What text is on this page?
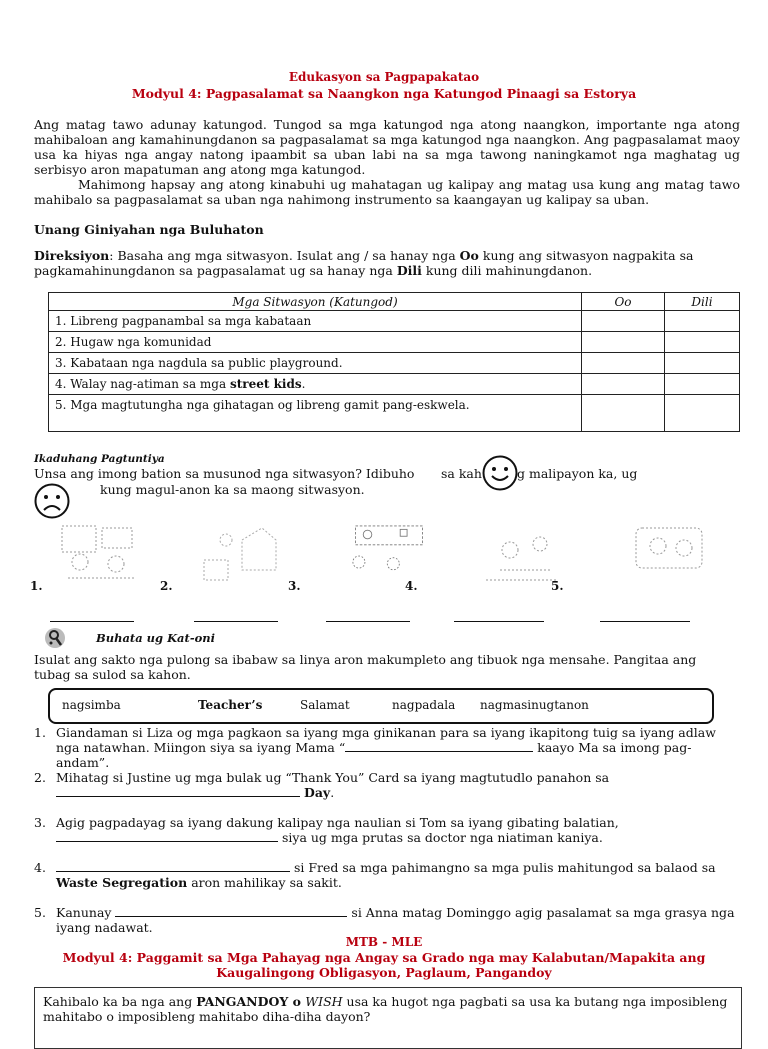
Edukasyon sa Pagpapakatao
Modyul 4: Pagpasalamat sa Naangkon nga Katungod Pinaagi sa Estorya

Ang matag tawo adunay katungod. Tungod sa mga katungod nga atong naangkon, importante nga atong mahibaloan ang kamahinungdanon sa pagpasalamat sa mga katungod nga naangkon. Ang pagpasalamat maoy usa ka hiyas nga angay natong ipaambit sa uban labi na sa mga tawong naningkamot nga maghatag ug serbisyo aron mapatuman ang atong mga katungod.

Mahimong hapsay ang atong kinabuhi ug mahatagan ug kalipay ang matag usa kung ang matag tawo mahibalo sa pagpasalamat sa uban nga nahimong instrumento sa kaangayan ug kalipay sa uban.

Unang Giniyahan nga Buluhaton
Direksiyon: Basaha ang mga sitwasyon. Isulat ang / sa hanay nga Oo kung ang sitwasyon nagpakita sa pagkamahinungdanon sa pagpasalamat ug sa hanay nga Dili kung dili mahinungdanon.
Mga Sitwasyon (Katungod)	Oo	Dili
1. Libreng pagpanambal sa mga kabataan		
2. Hugaw nga komunidad		
3. Kabataan nga nagdula sa public playground.		
4. Walay nag-atiman sa mga street kids.		
5. Mga magtutungha nga gihatagan og libreng gamit pang-eskwela.		
Ikaduhang Pagtuntiya
Unsa ang imong bation sa musunod nga sitwasyon? Idibuho sa kah	g malipayon ka, ug
kung magul-anon ka sa maong sitwasyon.
1.	2.	3.	4.	5.
Buhata ug Kat-oni
Isulat ang sakto nga pulong sa ibabaw sa linya aron makumpleto ang tibuok nga mensahe. Pangitaa ang tubag sa sulod sa kahon.
nagsimba	Teacher’s	Salamat	nagpadala nagmasinugtanon
1. Giandaman si Liza og mga pagkaon sa iyang mga ginikanan para sa iyang ikapitong tuig sa iyang adlaw nga natawhan. Miingon siya sa iyang Mama “	kaayo Ma sa imong pag-andam”.
2. Mihatag si Justine ug mga bulak ug “Thank You” Card sa iyang magtutudlo panahon sa
Day.
3. Agig pagpadayag sa iyang dakung kalipay nga naulian si Tom sa iyang gibating balatian,
siya ug mga prutas sa doctor nga niatiman kaniya.
4.	si Fred sa mga pahimangno sa mga pulis mahitungod sa balaod sa Waste Segregation aron mahilikay sa sakit.
5. Kanunay	si Anna matag Dominggo agig pasalamat sa mga grasya nga iyang nadawat.
MTB - MLE
Modyul 4: Paggamit sa Mga Pahayag nga Angay sa Grado nga may Kalabutan/Mapakita ang Kaugalingong Obligasyon, Paglaum, Pangandoy
Kahibalo ka ba nga ang PANGANDOY o WISH usa ka hugot nga pagbati sa usa ka butang nga imposibleng mahitabo o imposibleng mahitabo diha-diha dayon?
